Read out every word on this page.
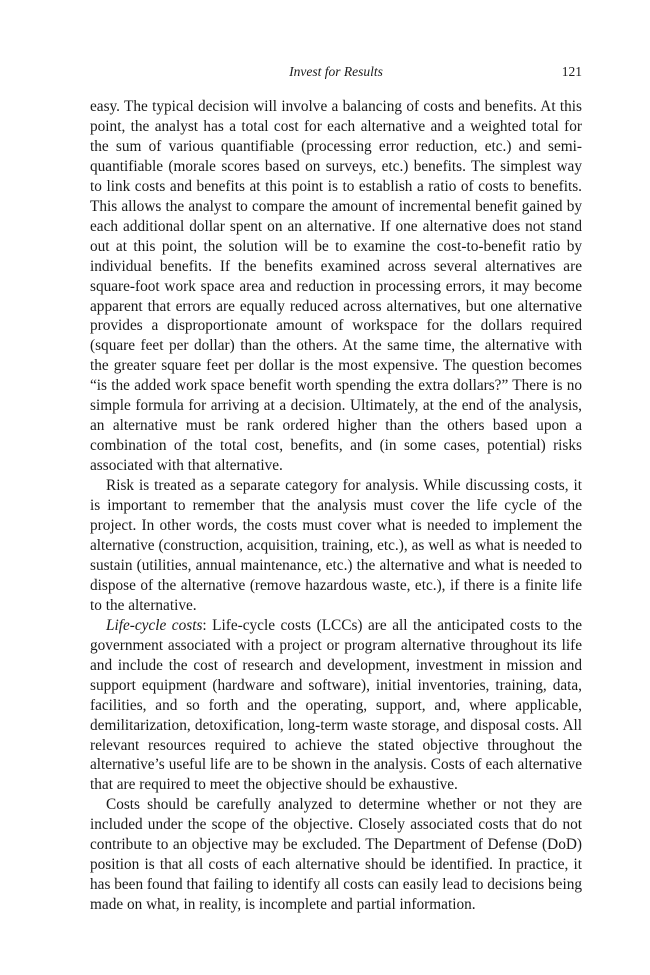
Invest for Results	121

easy. The typical decision will involve a balancing of costs and benefits. At this point, the analyst has a total cost for each alternative and a weighted total for the sum of various quantifiable (processing error reduction, etc.) and semiquantifiable (morale scores based on surveys, etc.) benefits. The simplest way to link costs and benefits at this point is to establish a ratio of costs to benefits. This allows the analyst to compare the amount of incremental benefit gained by each additional dollar spent on an alternative. If one alternative does not stand out at this point, the solution will be to examine the cost-to-benefit ratio by individual benefits. If the benefits examined across several alternatives are square-foot work space area and reduction in processing errors, it may become apparent that errors are equally reduced across alternatives, but one alternative provides a disproportionate amount of workspace for the dollars required (square feet per dollar) than the others. At the same time, the alternative with the greater square feet per dollar is the most expensive. The question becomes “is the added work space benefit worth spending the extra dollars?” There is no simple formula for arriving at a decision. Ultimately, at the end of the analysis, an alternative must be rank ordered higher than the others based upon a combination of the total cost, benefits, and (in some cases, potential) risks associated with that alternative.

Risk is treated as a separate category for analysis. While discussing costs, it is important to remember that the analysis must cover the life cycle of the project. In other words, the costs must cover what is needed to implement the alternative (construction, acquisition, training, etc.), as well as what is needed to sustain (utilities, annual maintenance, etc.) the alternative and what is needed to dispose of the alternative (remove hazardous waste, etc.), if there is a finite life to the alternative.

Life-cycle costs: Life-cycle costs (LCCs) are all the anticipated costs to the government associated with a project or program alternative throughout its life and include the cost of research and development, investment in mission and support equipment (hardware and software), initial inventories, training, data, facilities, and so forth and the operating, support, and, where applicable, demilitarization, detoxification, long-term waste storage, and disposal costs. All relevant resources required to achieve the stated objective throughout the alternative’s useful life are to be shown in the analysis. Costs of each alternative that are required to meet the objective should be exhaustive.

Costs should be carefully analyzed to determine whether or not they are included under the scope of the objective. Closely associated costs that do not contribute to an objective may be excluded. The Department of Defense (DoD) position is that all costs of each alternative should be identified. In practice, it has been found that failing to identify all costs can easily lead to decisions being made on what, in reality, is incomplete and partial information.
